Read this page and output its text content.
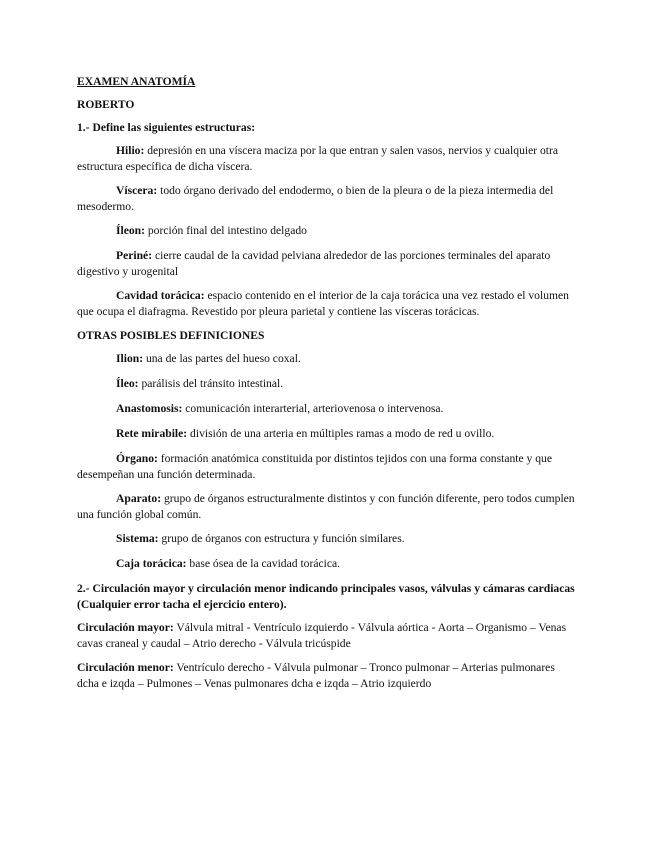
EXAMEN ANATOMÍA

ROBERTO

1.- Define las siguientes estructuras:

Hilio: depresión en una víscera maciza por la que entran y salen vasos, nervios y cualquier otra estructura específica de dicha víscera.

Víscera: todo órgano derivado del endodermo, o bien de la pleura o de la pieza intermedia del mesodermo.

Íleon: porción final del intestino delgado

Periné: cierre caudal de la cavidad pelviana alrededor de las porciones terminales del aparato digestivo y urogenital

Cavidad torácica: espacio contenido en el interior de la caja torácica una vez restado el volumen que ocupa el diafragma. Revestido por pleura parietal y contiene las vísceras torácicas.

OTRAS POSIBLES DEFINICIONES

Ilion: una de las partes del hueso coxal.

Íleo: parálisis del tránsito intestinal.

Anastomosis: comunicación interarterial, arteriovenosa o intervenosa.

Rete mirabile: división de una arteria en múltiples ramas a modo de red u ovillo.

Órgano: formación anatómica constituida por distintos tejidos con una forma constante y que desempeñan una función determinada.

Aparato: grupo de órganos estructuralmente distintos y con función diferente, pero todos cumplen una función global común.

Sistema: grupo de órganos con estructura y función similares.

Caja torácica: base ósea de la cavidad torácica.

2.- Circulación mayor y circulación menor indicando principales vasos, válvulas y cámaras cardiacas (Cualquier error tacha el ejercicio entero).

Circulación mayor: Válvula mitral - Ventrículo izquierdo - Válvula aórtica - Aorta – Organismo – Venas cavas craneal y caudal – Atrio derecho - Válvula tricúspide

Circulación menor: Ventrículo derecho - Válvula pulmonar – Tronco pulmonar – Arterias pulmonares dcha e izqda – Pulmones – Venas pulmonares dcha e izqda – Atrio izquierdo
